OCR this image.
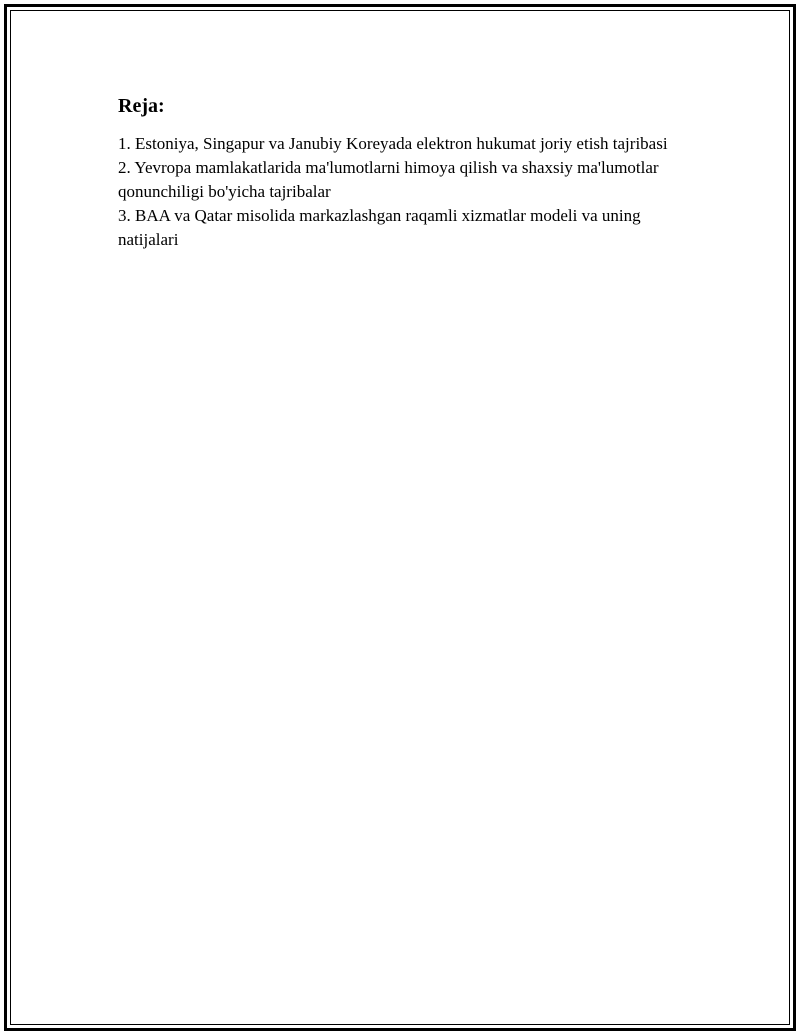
Reja:
1. Estoniya, Singapur va Janubiy Koreyada elektron hukumat joriy etish tajribasi
2. Yevropa mamlakatlarida ma'lumotlarni himoya qilish va shaxsiy ma'lumotlar qonunchiligi bo'yicha tajribalar
3. BAA va Qatar misolida markazlashgan raqamli xizmatlar modeli va uning natijalari
